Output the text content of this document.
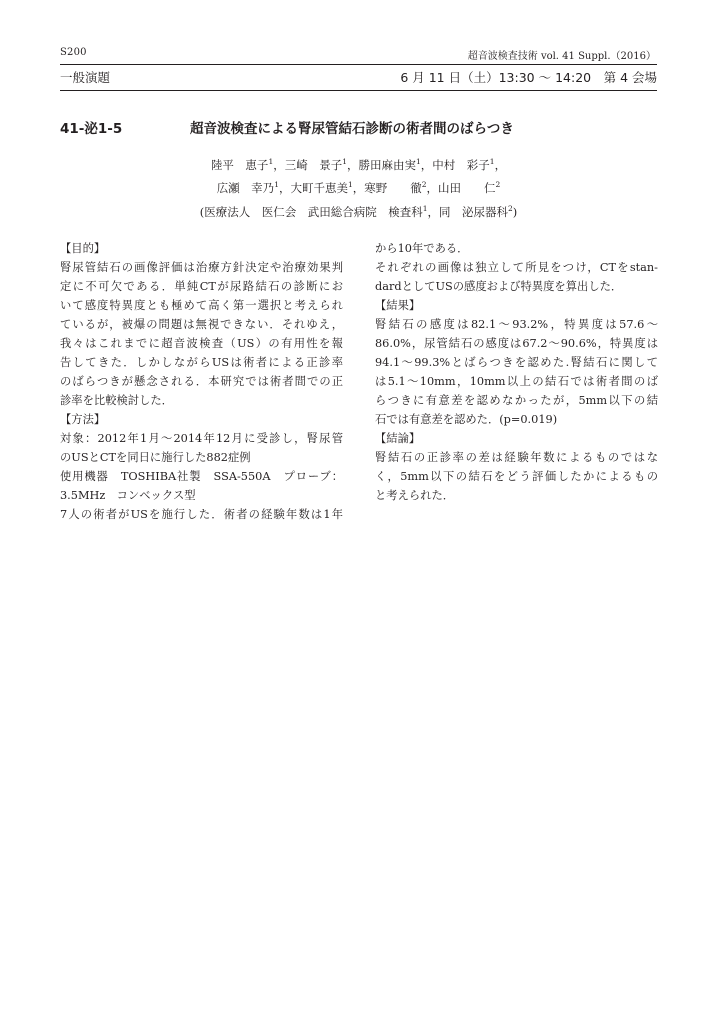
S200	超音波検査技術 vol. 41 Suppl.（2016）
一般演題	6 月 11 日（土）13:30 ～ 14:20　第 4 会場
41-泌1-5	超音波検査による腎尿管結石診断の術者間のばらつき
陸平　恵子$^1$，三崎　景子$^1$，勝田麻由実$^1$，中村　彩子$^1$，
広瀬　幸乃$^1$，大町千恵美$^1$，寒野　　徹$^2$，山田　　仁$^2$
(医療法人　医仁会　武田総合病院　検査科$^1$，同　泌尿器科$^2$)
【目的】
腎尿管結石の画像評価は治療方針決定や治療効果判
定に不可欠である．単純CTが尿路結石の診断にお
いて感度特異度とも極めて高く第一選択と考えられ
ているが，被爆の問題は無視できない．それゆえ，
我々はこれまでに超音波検査（US）の有用性を報
告してきた．しかしながらUSは術者による正診率
のばらつきが懸念される．本研究では術者間での正
診率を比較検討した．
【方法】
対象：2012年1月～2014年12月に受診し，腎尿管
のUSとCTを同日に施行した882症例
使用機器　TOSHIBA社製　SSA-550A　プローブ：
3.5MHz　コンベックス型
7人の術者がUSを施行した．術者の経験年数は1年
から10年である．
それぞれの画像は独立して所見をつけ，CTをstan-
dardとしてUSの感度および特異度を算出した．
【結果】
腎結石の感度は82.1～93.2%，特異度は57.6～
86.0%，尿管結石の感度は67.2～90.6%，特異度は
94.1～99.3%とばらつきを認めた.腎結石に関して
は5.1～10mm，10mm以上の結石では術者間のば
らつきに有意差を認めなかったが，5mm以下の結
石では有意差を認めた．(p=0.019)
【結論】
腎結石の正診率の差は経験年数によるものではな
く，5mm以下の結石をどう評価したかによるもの
と考えられた．
